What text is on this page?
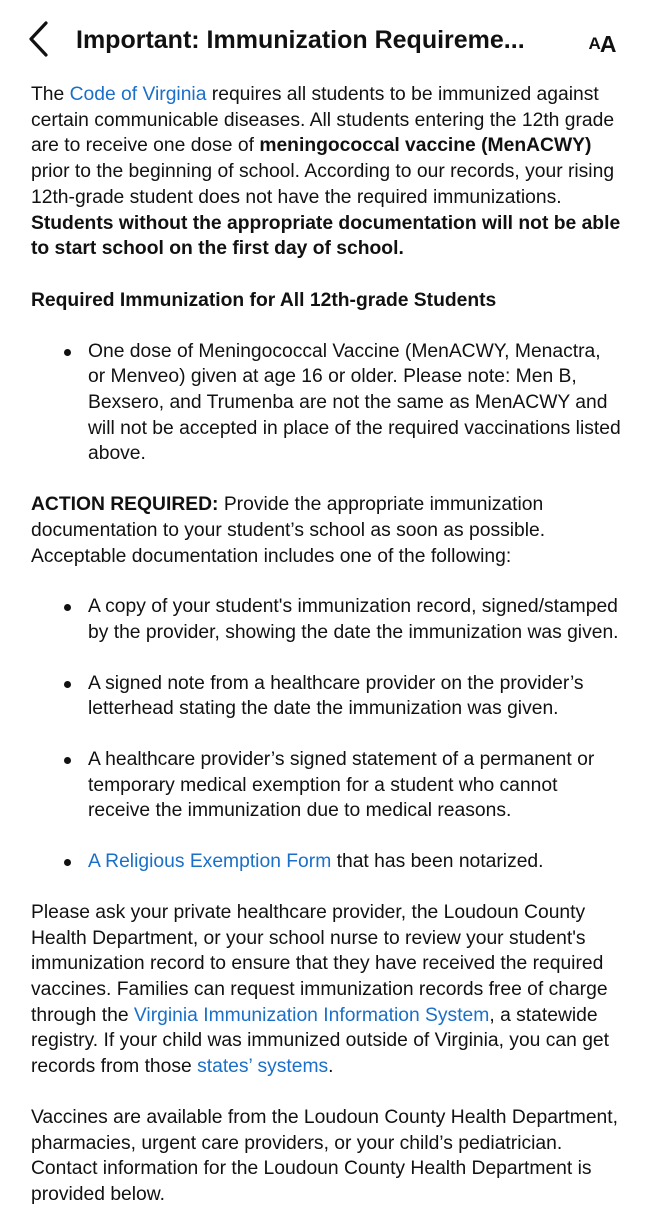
Important: Immunization Requireme...	A A

The Code of Virginia requires all students to be immunized against certain communicable diseases. All students entering the 12th grade are to receive one dose of meningococcal vaccine (MenACWY) prior to the beginning of school. According to our records, your rising 12th-grade student does not have the required immunizations. Students without the appropriate documentation will not be able to start school on the first day of school.

Required Immunization for All 12th-grade Students

One dose of Meningococcal Vaccine (MenACWY, Menactra, or Menveo) given at age 16 or older. Please note: Men B, Bexsero, and Trumenba are not the same as MenACWY and will not be accepted in place of the required vaccinations listed above.

ACTION REQUIRED: Provide the appropriate immunization documentation to your student’s school as soon as possible. Acceptable documentation includes one of the following:

A copy of your student's immunization record, signed/stamped by the provider, showing the date the immunization was given.
A signed note from a healthcare provider on the provider’s letterhead stating the date the immunization was given.
A healthcare provider’s signed statement of a permanent or temporary medical exemption for a student who cannot receive the immunization due to medical reasons.
A Religious Exemption Form that has been notarized.

Please ask your private healthcare provider, the Loudoun County Health Department, or your school nurse to review your student's immunization record to ensure that they have received the required vaccines. Families can request immunization records free of charge through the Virginia Immunization Information System, a statewide registry. If your child was immunized outside of Virginia, you can get records from those states’ systems.

Vaccines are available from the Loudoun County Health Department, pharmacies, urgent care providers, or your child’s pediatrician. Contact information for the Loudoun County Health Department is provided below.
